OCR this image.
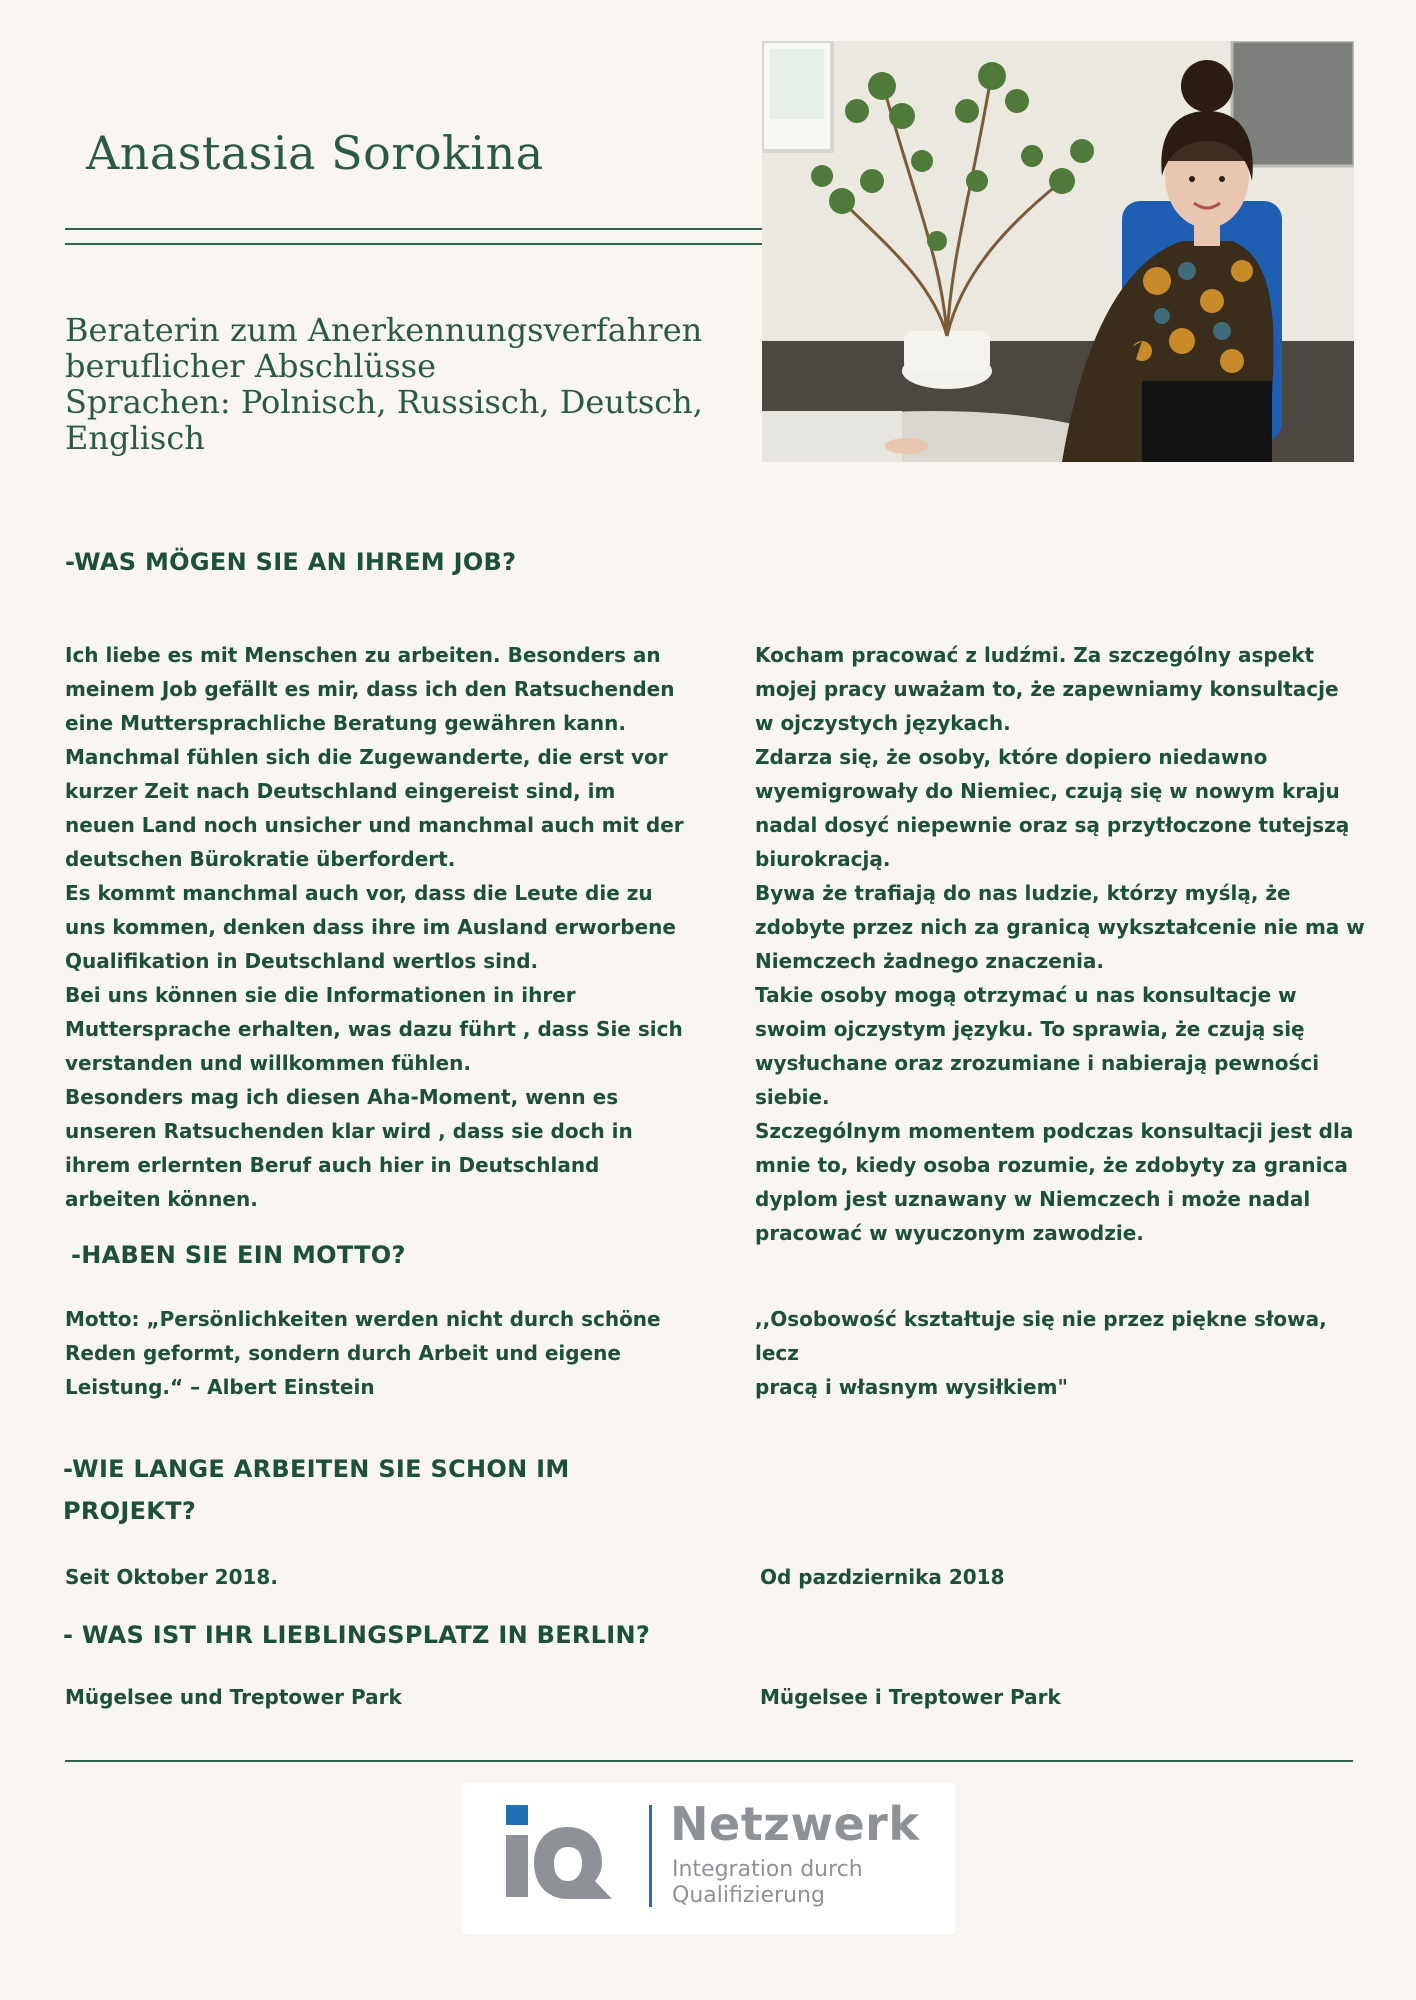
Anastasia Sorokina
Beraterin zum Anerkennungsverfahren
beruflicher Abschlüsse
Sprachen: Polnisch, Russisch, Deutsch,
Englisch
-WAS MÖGEN SIE AN IHREM JOB?
Ich liebe es mit Menschen zu arbeiten. Besonders an
meinem Job gefällt es mir, dass ich den Ratsuchenden
eine Muttersprachliche Beratung gewähren kann.
Manchmal fühlen sich die Zugewanderte, die erst vor
kurzer Zeit nach Deutschland eingereist sind, im
neuen Land noch unsicher und manchmal auch mit der
deutschen Bürokratie überfordert.
Es kommt manchmal auch vor, dass die Leute die zu
uns kommen, denken dass ihre im Ausland erworbene
Qualifikation in Deutschland wertlos sind.
Bei uns können sie die Informationen in ihrer
Muttersprache erhalten, was dazu führt , dass Sie sich
verstanden und willkommen fühlen.
Besonders mag ich diesen Aha-Moment, wenn es
unseren Ratsuchenden klar wird , dass sie doch in
ihrem erlernten Beruf auch hier in Deutschland
arbeiten können.
Kocham pracować z ludźmi. Za szczególny aspekt
mojej pracy uważam to, że zapewniamy konsultacje
w ojczystych językach.
Zdarza się, że osoby, które dopiero niedawno
wyemigrowały do Niemiec, czują się w nowym kraju
nadal dosyć niepewnie oraz są przytłoczone tutejszą
biurokracją.
Bywa że trafiają do nas ludzie, którzy myślą, że
zdobyte przez nich za granicą wykształcenie nie ma w
Niemczech żadnego znaczenia.
Takie osoby mogą otrzymać u nas konsultacje w
swoim ojczystym języku. To sprawia, że czują się
wysłuchane oraz zrozumiane i nabierają pewności
siebie.
Szczególnym momentem podczas konsultacji jest dla
mnie to, kiedy osoba rozumie, że zdobyty za granica
dyplom jest uznawany w Niemczech i może nadal
pracować w wyuczonym zawodzie.
-HABEN SIE EIN MOTTO?
Motto: „Persönlichkeiten werden nicht durch schöne
Reden geformt, sondern durch Arbeit und eigene
Leistung.“ – Albert Einstein
,,Osobowość kształtuje się nie przez piękne słowa, lecz
pracą i własnym wysiłkiem"
-WIE LANGE ARBEITEN SIE SCHON IM
PROJEKT?
Seit Oktober 2018.	Od pazdziernika 2018
- WAS IST IHR LIEBLINGSPLATZ IN BERLIN?
Mügelsee und Treptower Park	Mügelsee i Treptower Park
Netzwerk
Integration durch
Qualifizierung
